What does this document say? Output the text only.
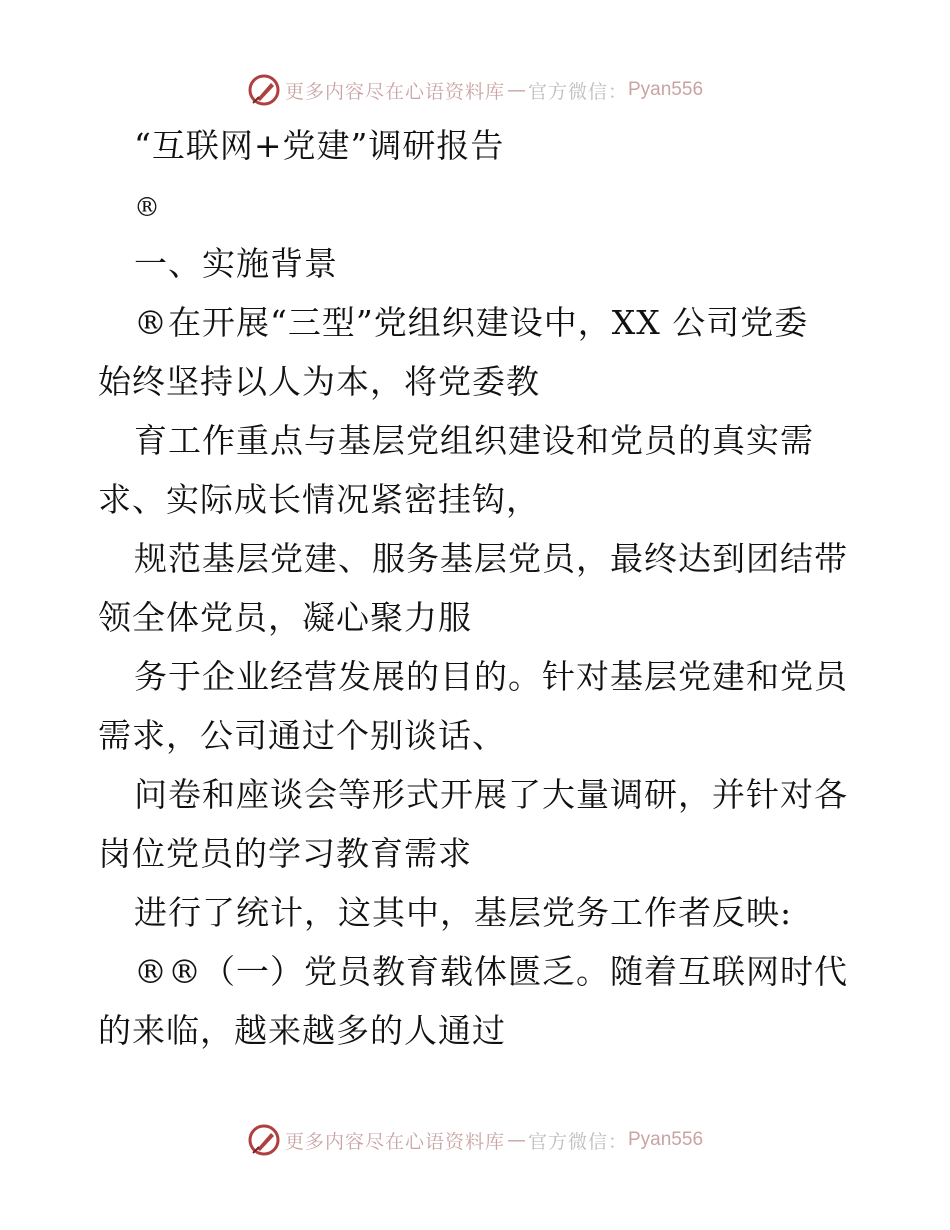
更多内容尽在心语资料库 — 官方微信： Pyan556
“互联网+党建”调研报告
®
一、实施背景
®在开展“三型”党组织建设中，XX 公司党委
始终坚持以人为本，将党委教
育工作重点与基层党组织建设和党员的真实需
求、实际成长情况紧密挂钩，
规范基层党建、服务基层党员，最终达到团结带
领全体党员，凝心聚力服
务于企业经营发展的目的。针对基层党建和党员
需求，公司通过个别谈话、
问卷和座谈会等形式开展了大量调研，并针对各
岗位党员的学习教育需求
进行了统计，这其中，基层党务工作者反映:
®®（一）党员教育载体匮乏。随着互联网时代
的来临，越来越多的人通过
更多内容尽在心语资料库 — 官方微信： Pyan556
